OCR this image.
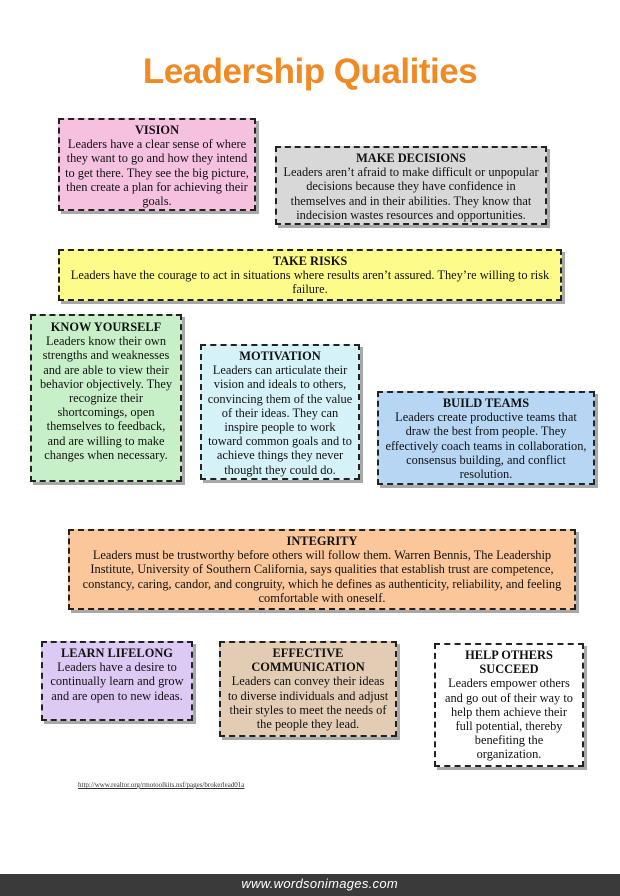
Leadership Qualities
VISION
Leaders have a clear sense of where they want to go and how they intend to get there. They see the big picture, then create a plan for achieving their goals.
MAKE DECISIONS
Leaders aren’t afraid to make difficult or unpopular decisions because they have confidence in themselves and in their abilities. They know that indecision wastes resources and opportunities.
TAKE RISKS
Leaders have the courage to act in situations where results aren’t assured. They’re willing to risk failure.
KNOW YOURSELF
Leaders know their own strengths and weaknesses and are able to view their behavior objectively. They recognize their shortcomings, open themselves to feedback, and are willing to make changes when necessary.
MOTIVATION
Leaders can articulate their vision and ideals to others, convincing them of the value of their ideas. They can inspire people to work toward common goals and to achieve things they never thought they could do.
BUILD TEAMS
Leaders create productive teams that draw the best from people. They effectively coach teams in collaboration, consensus building, and conflict resolution.
INTEGRITY
Leaders must be trustworthy before others will follow them. Warren Bennis, The Leadership Institute, University of Southern California, says qualities that establish trust are competence, constancy, caring, candor, and congruity, which he defines as authenticity, reliability, and feeling comfortable with oneself.
LEARN LIFELONG
Leaders have a desire to continually learn and grow and are open to new ideas.
EFFECTIVE COMMUNICATION
Leaders can convey their ideas to diverse individuals and adjust their styles to meet the needs of the people they lead.
HELP OTHERS SUCCEED
Leaders empower others and go out of their way to help them achieve their full potential, thereby benefiting the organization.
http://www.realtor.org/rmotoolkits.nsf/pages/brokerlead01a
www.wordsonimages.com
